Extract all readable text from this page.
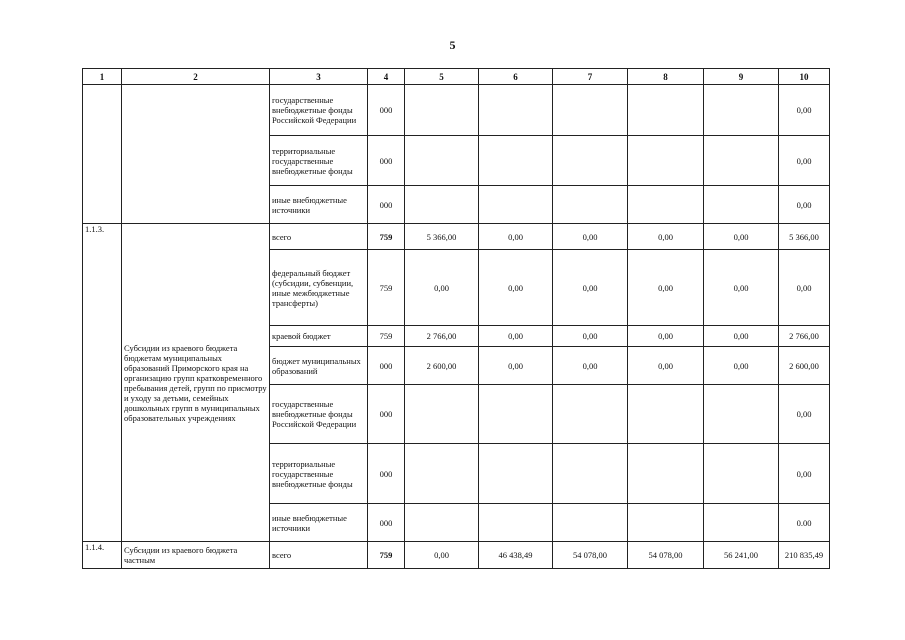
5
1	2	3	4	5	6	7	8	9	10
		государственные внебюджетные фонды Российской Федерации	000						0,00
		территориальные государственные внебюджетные фонды	000						0,00
		иные внебюджетные источники	000						0,00
1.1.3.	Субсидии из краевого бюджета бюджетам муниципальных образований Приморского края на организацию групп кратковременного пребывания детей, групп по присмотру и уходу за детьми, семейных дошкольных групп в муниципальных образовательных учреждениях	всего	759	5 366,00	0,00	0,00	0,00	0,00	5 366,00
		федеральный бюджет (субсидии, субвенции, иные межбюджетные трансферты)	759	0,00	0,00	0,00	0,00	0,00	0,00
		краевой бюджет	759	2 766,00	0,00	0,00	0,00	0,00	2 766,00
		бюджет муниципальных образований	000	2 600,00	0,00	0,00	0,00	0,00	2 600,00
		государственные внебюджетные фонды Российской Федерации	000						0,00
		территориальные государственные внебюджетные фонды	000						0,00
		иные внебюджетные источники	000						0.00
1.1.4.	Субсидии из краевого бюджета частным	всего	759	0,00	46 438,49	54 078,00	54 078,00	56 241,00	210 835,49
